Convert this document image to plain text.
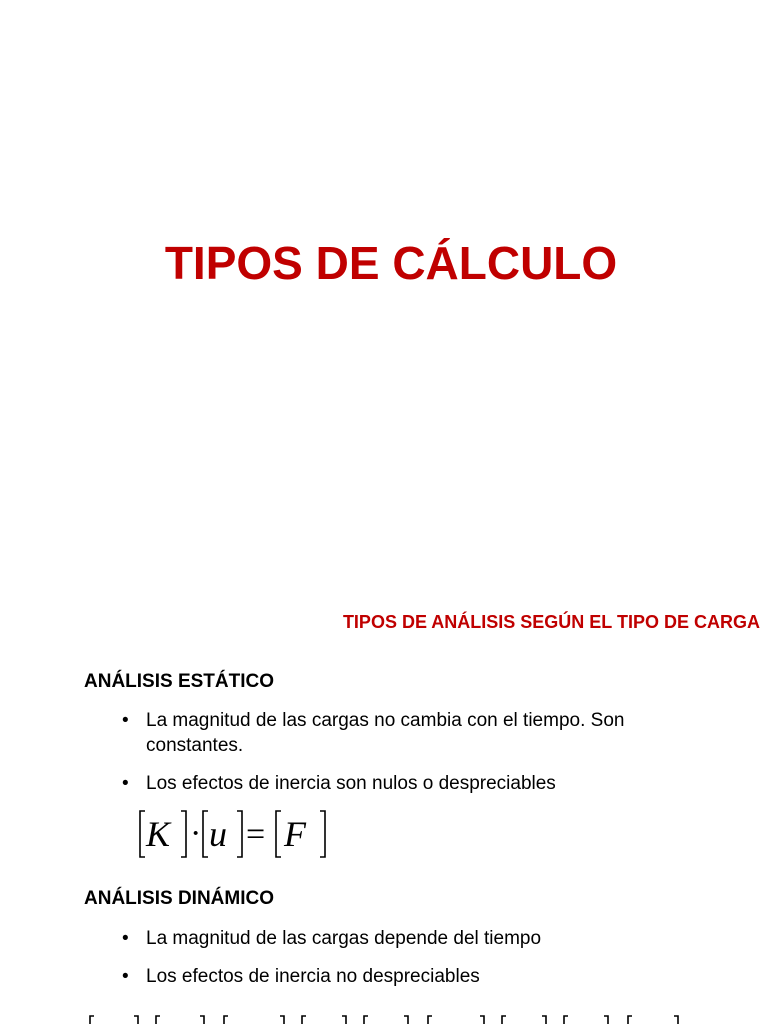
TIPOS DE CÁLCULO
TIPOS DE ANÁLISIS SEGÚN EL TIPO DE CARGA
ANÁLISIS ESTÁTICO
• La magnitud de las cargas no cambia con el tiempo. Son constantes.
• Los efectos de inercia son nulos o despreciables
K u F
· =
ANÁLISIS DINÁMICO
• La magnitud de las cargas depende del tiempo
• Los efectos de inercia no despreciables
